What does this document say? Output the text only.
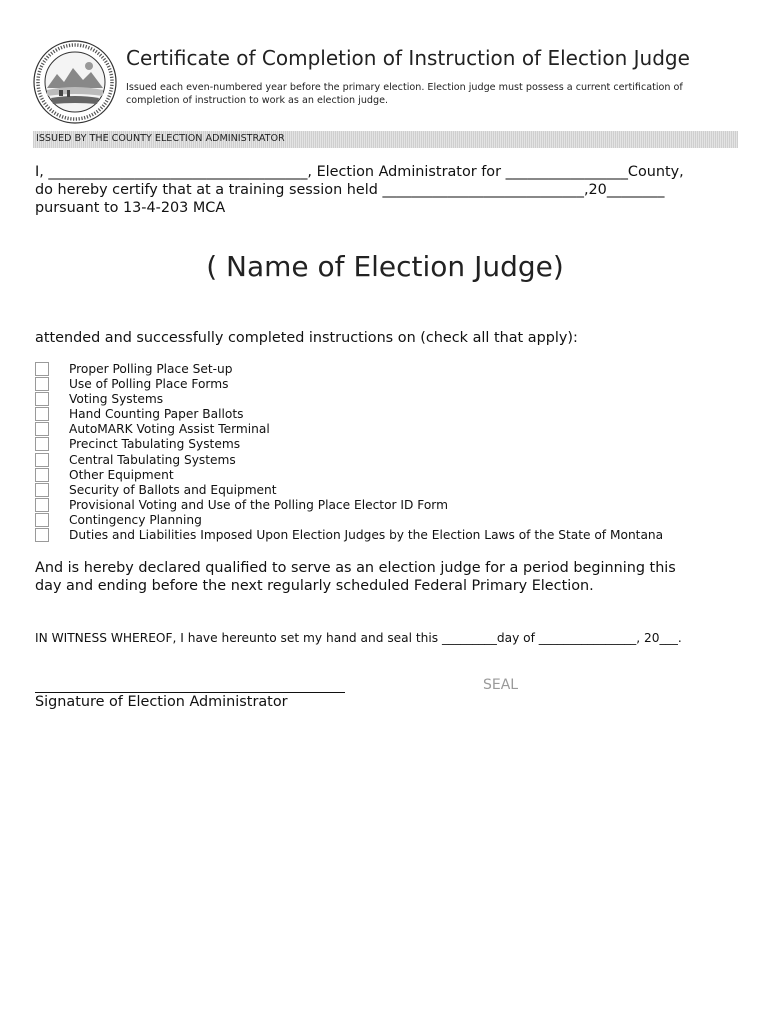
Certificate of Completion of Instruction of Election Judge
Issued each even-numbered year before the primary election. Election judge must possess a current certification of
completion of instruction to work as an election judge.
ISSUED BY THE COUNTY ELECTION ADMINISTRATOR
I, ____________________________________, Election Administrator for _________________County,
do hereby certify that at a training session held ____________________________,20________
pursuant to 13-4-203 MCA
( Name of Election Judge)
attended and successfully completed instructions on (check all that apply):
Proper Polling Place Set-up
Use of Polling Place Forms
Voting Systems
Hand Counting Paper Ballots
AutoMARK Voting Assist Terminal
Precinct Tabulating Systems
Central Tabulating Systems
Other Equipment
Security of Ballots and Equipment
Provisional Voting and Use of the Polling Place Elector ID Form
Contingency Planning
Duties and Liabilities Imposed Upon Election Judges by the Election Laws of the State of Montana
And is hereby declared qualified to serve as an election judge for a period beginning this
day and ending before the next regularly scheduled Federal Primary Election.
IN WITNESS WHEREOF, I have hereunto set my hand and seal this _________day of ________________, 20___.
SEAL
Signature of Election Administrator
